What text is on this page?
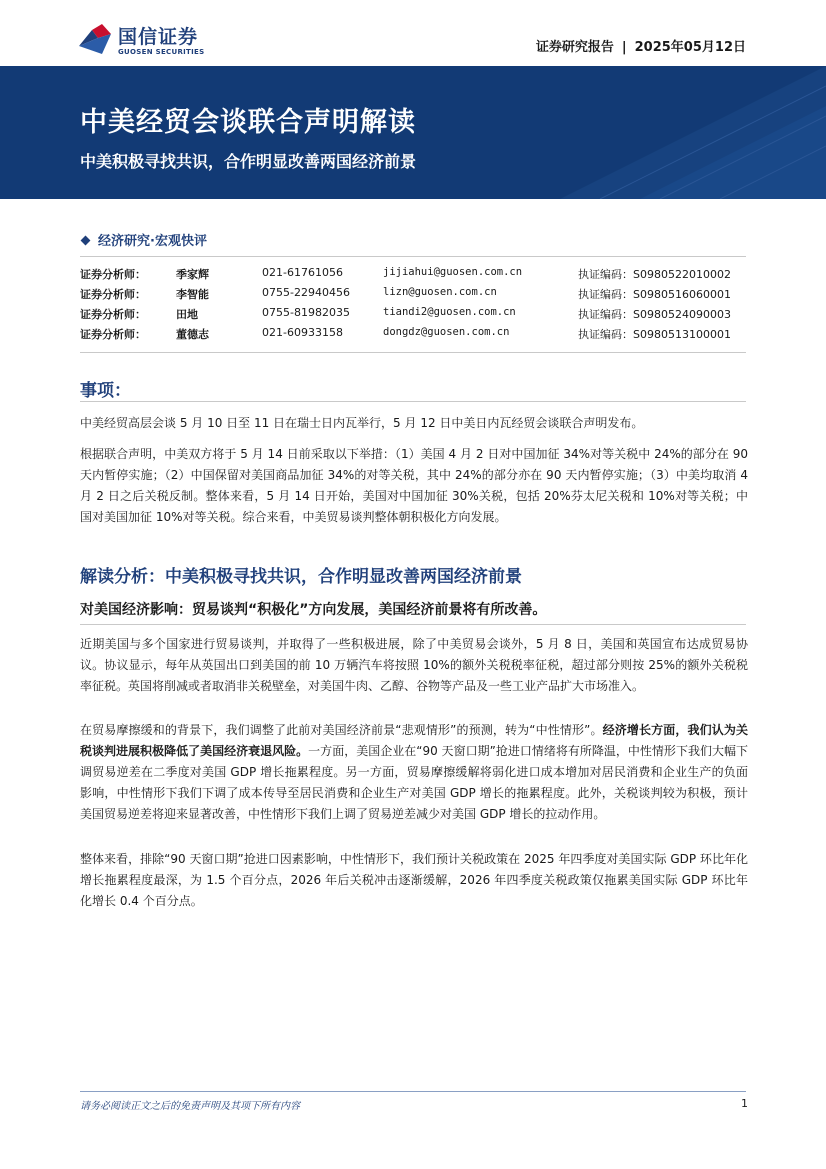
国信证券
GUOSEN SECURITIES	证券研究报告 | 2025年05月12日
中美经贸会谈联合声明解读
中美积极寻找共识，合作明显改善两国经济前景
经济研究·宏观快评
证券分析师：	季家辉	021-61761056	jijiahui@guosen.com.cn	执证编码：S0980522010002
证券分析师：	李智能	0755-22940456	lizn@guosen.com.cn	执证编码：S0980516060001
证券分析师：	田地	0755-81982035	tiandi2@guosen.com.cn	执证编码：S0980524090003
证券分析师：	董德志	021-60933158	dongdz@guosen.com.cn	执证编码：S0980513100001
事项：
中美经贸高层会谈 5 月 10 日至 11 日在瑞士日内瓦举行，5 月 12 日中美日内瓦经贸会谈联合声明发布。
根据联合声明，中美双方将于 5 月 14 日前采取以下举措：（1）美国 4 月 2 日对中国加征 34%对等关税中 24%的部分在 90 天内暂停实施；（2）中国保留对美国商品加征 34%的对等关税，其中 24%的部分亦在 90 天内暂停实施；（3）中美均取消 4 月 2 日之后关税反制。整体来看，5 月 14 日开始，美国对中国加征 30%关税，包括 20%芬太尼关税和 10%对等关税；中国对美国加征 10%对等关税。综合来看，中美贸易谈判整体朝积极化方向发展。
解读分析：中美积极寻找共识，合作明显改善两国经济前景
对美国经济影响：贸易谈判“积极化”方向发展，美国经济前景将有所改善。
近期美国与多个国家进行贸易谈判，并取得了一些积极进展，除了中美贸易会谈外，5 月 8 日，美国和英国宣布达成贸易协议。协议显示，每年从英国出口到美国的前 10 万辆汽车将按照 10%的额外关税税率征税，超过部分则按 25%的额外关税税率征税。英国将削减或者取消非关税壁垒，对美国牛肉、乙醇、谷物等产品及一些工业产品扩大市场准入。
在贸易摩擦缓和的背景下，我们调整了此前对美国经济前景“悲观情形”的预测，转为“中性情形”。经济增长方面，我们认为关税谈判进展积极降低了美国经济衰退风险。一方面，美国企业在“90 天窗口期”抢进口情绪将有所降温，中性情形下我们大幅下调贸易逆差在二季度对美国 GDP 增长拖累程度。另一方面，贸易摩擦缓解将弱化进口成本增加对居民消费和企业生产的负面影响，中性情形下我们下调了成本传导至居民消费和企业生产对美国 GDP 增长的拖累程度。此外，关税谈判较为积极，预计美国贸易逆差将迎来显著改善，中性情形下我们上调了贸易逆差减少对美国 GDP 增长的拉动作用。
整体来看，排除“90 天窗口期”抢进口因素影响，中性情形下，我们预计关税政策在 2025 年四季度对美国实际 GDP 环比年化增长拖累程度最深，为 1.5 个百分点，2026 年后关税冲击逐渐缓解，2026 年四季度关税政策仅拖累美国实际 GDP 环比年化增长 0.4 个百分点。
请务必阅读正文之后的免责声明及其项下所有内容	1
